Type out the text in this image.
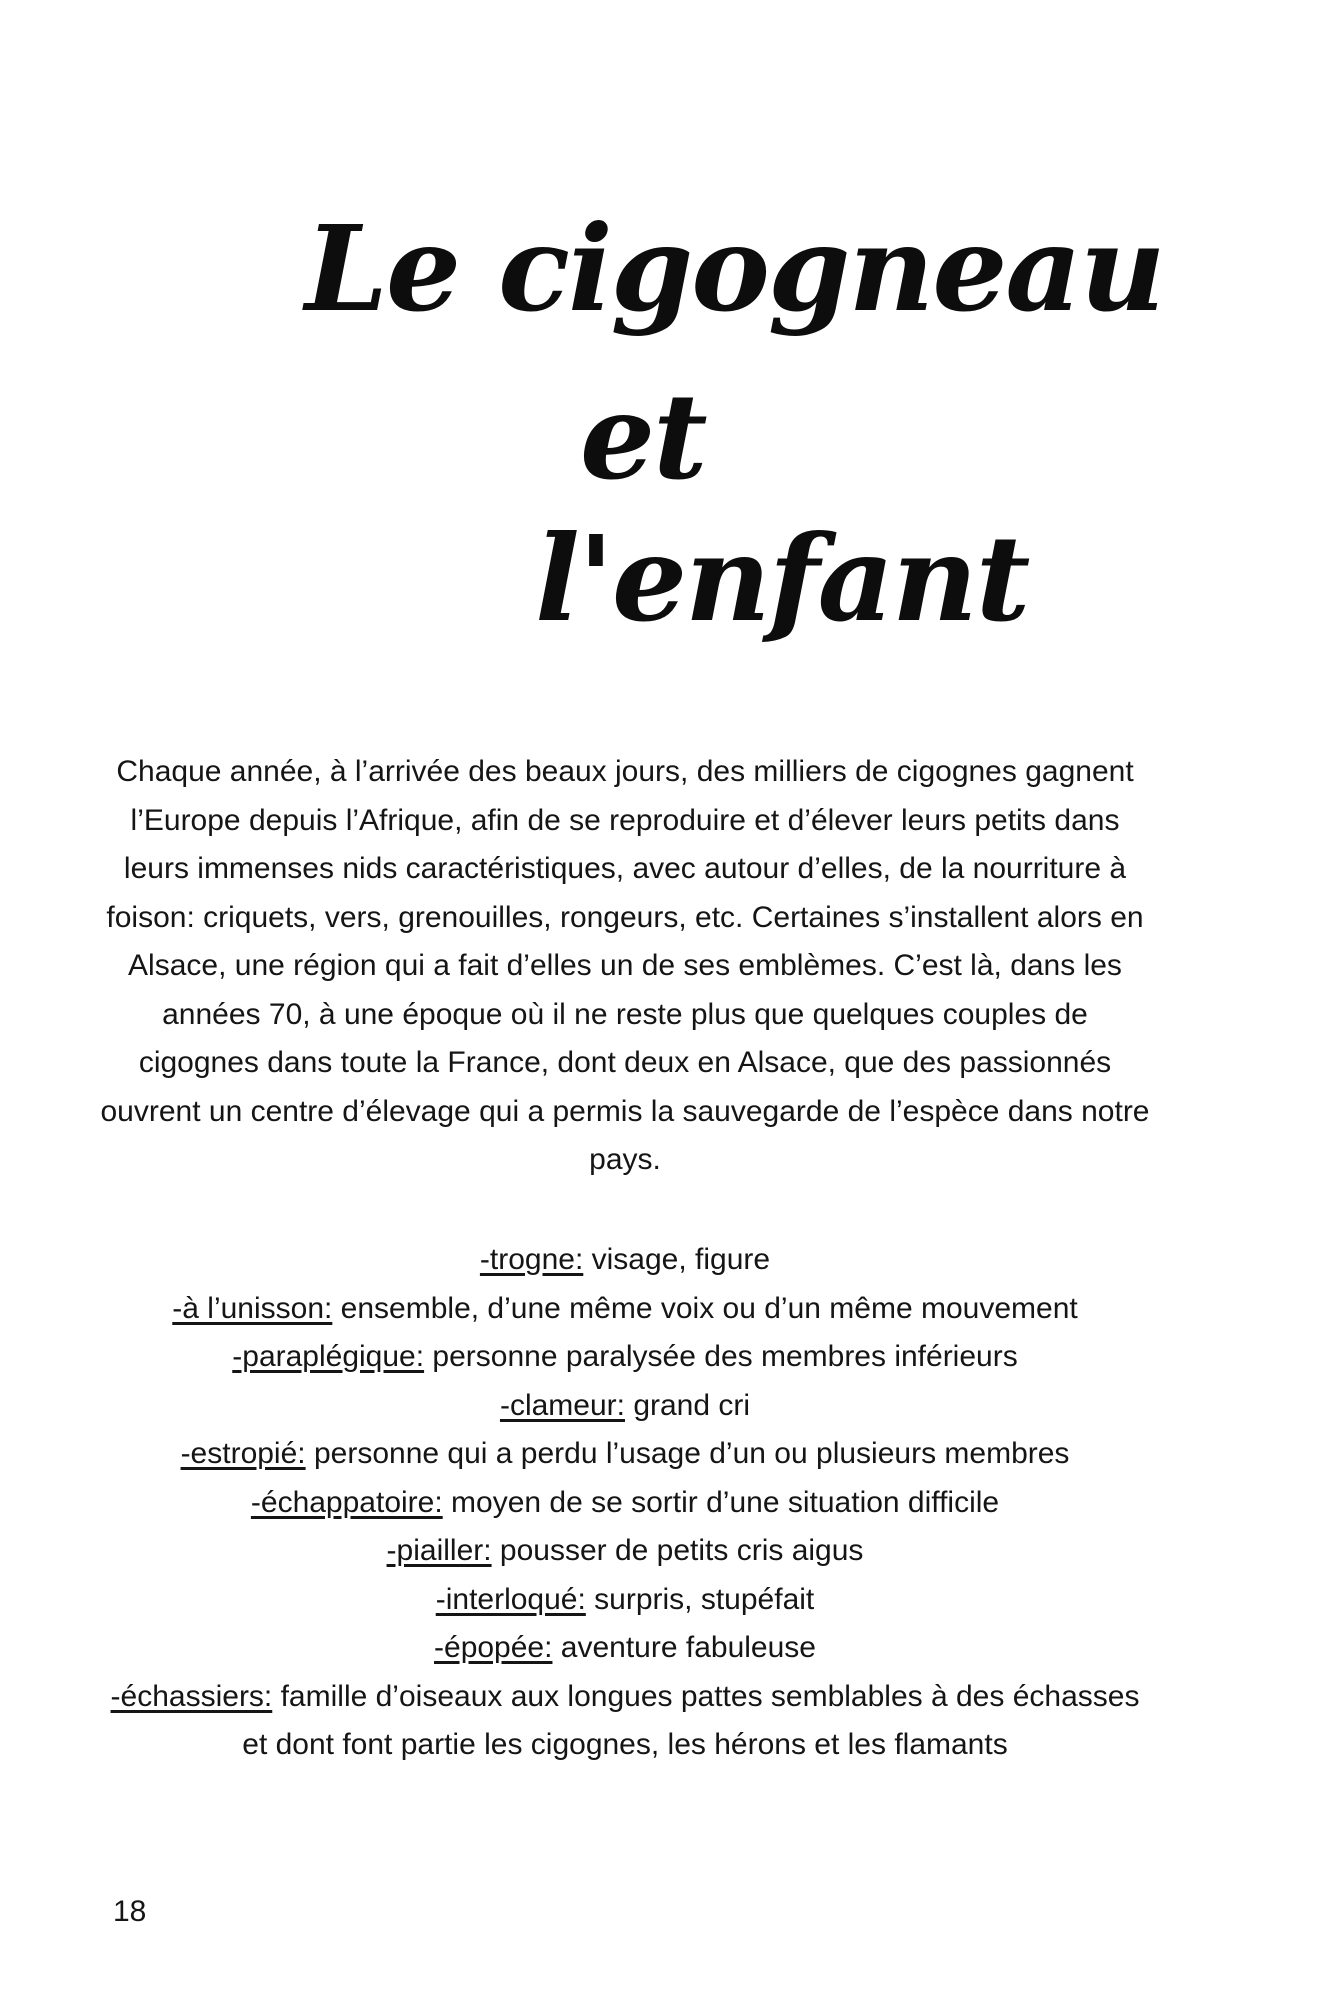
Le cigogneau
et
l'enfant

Chaque année, à l’arrivée des beaux jours, des milliers de cigognes gagnent l’Europe depuis l’Afrique, afin de se reproduire et d’élever leurs petits dans leurs immenses nids caractéristiques, avec autour d’elles, de la nourriture à foison: criquets, vers, grenouilles, rongeurs, etc. Certaines s’installent alors en Alsace, une région qui a fait d’elles un de ses emblèmes. C’est là, dans les années 70, à une époque où il ne reste plus que quelques couples de cigognes dans toute la France, dont deux en Alsace, que des passionnés ouvrent un centre d’élevage qui a permis la sauvegarde de l’espèce dans notre pays.

-trogne: visage, figure
-à l’unisson: ensemble, d’une même voix ou d’un même mouvement
-paraplégique: personne paralysée des membres inférieurs
-clameur: grand cri
-estropié: personne qui a perdu l’usage d’un ou plusieurs membres
-échappatoire: moyen de se sortir d’une situation difficile
-piailler: pousser de petits cris aigus
-interloqué: surpris, stupéfait
-épopée: aventure fabuleuse
-échassiers: famille d’oiseaux aux longues pattes semblables à des échasses et dont font partie les cigognes, les hérons et les flamants
18
